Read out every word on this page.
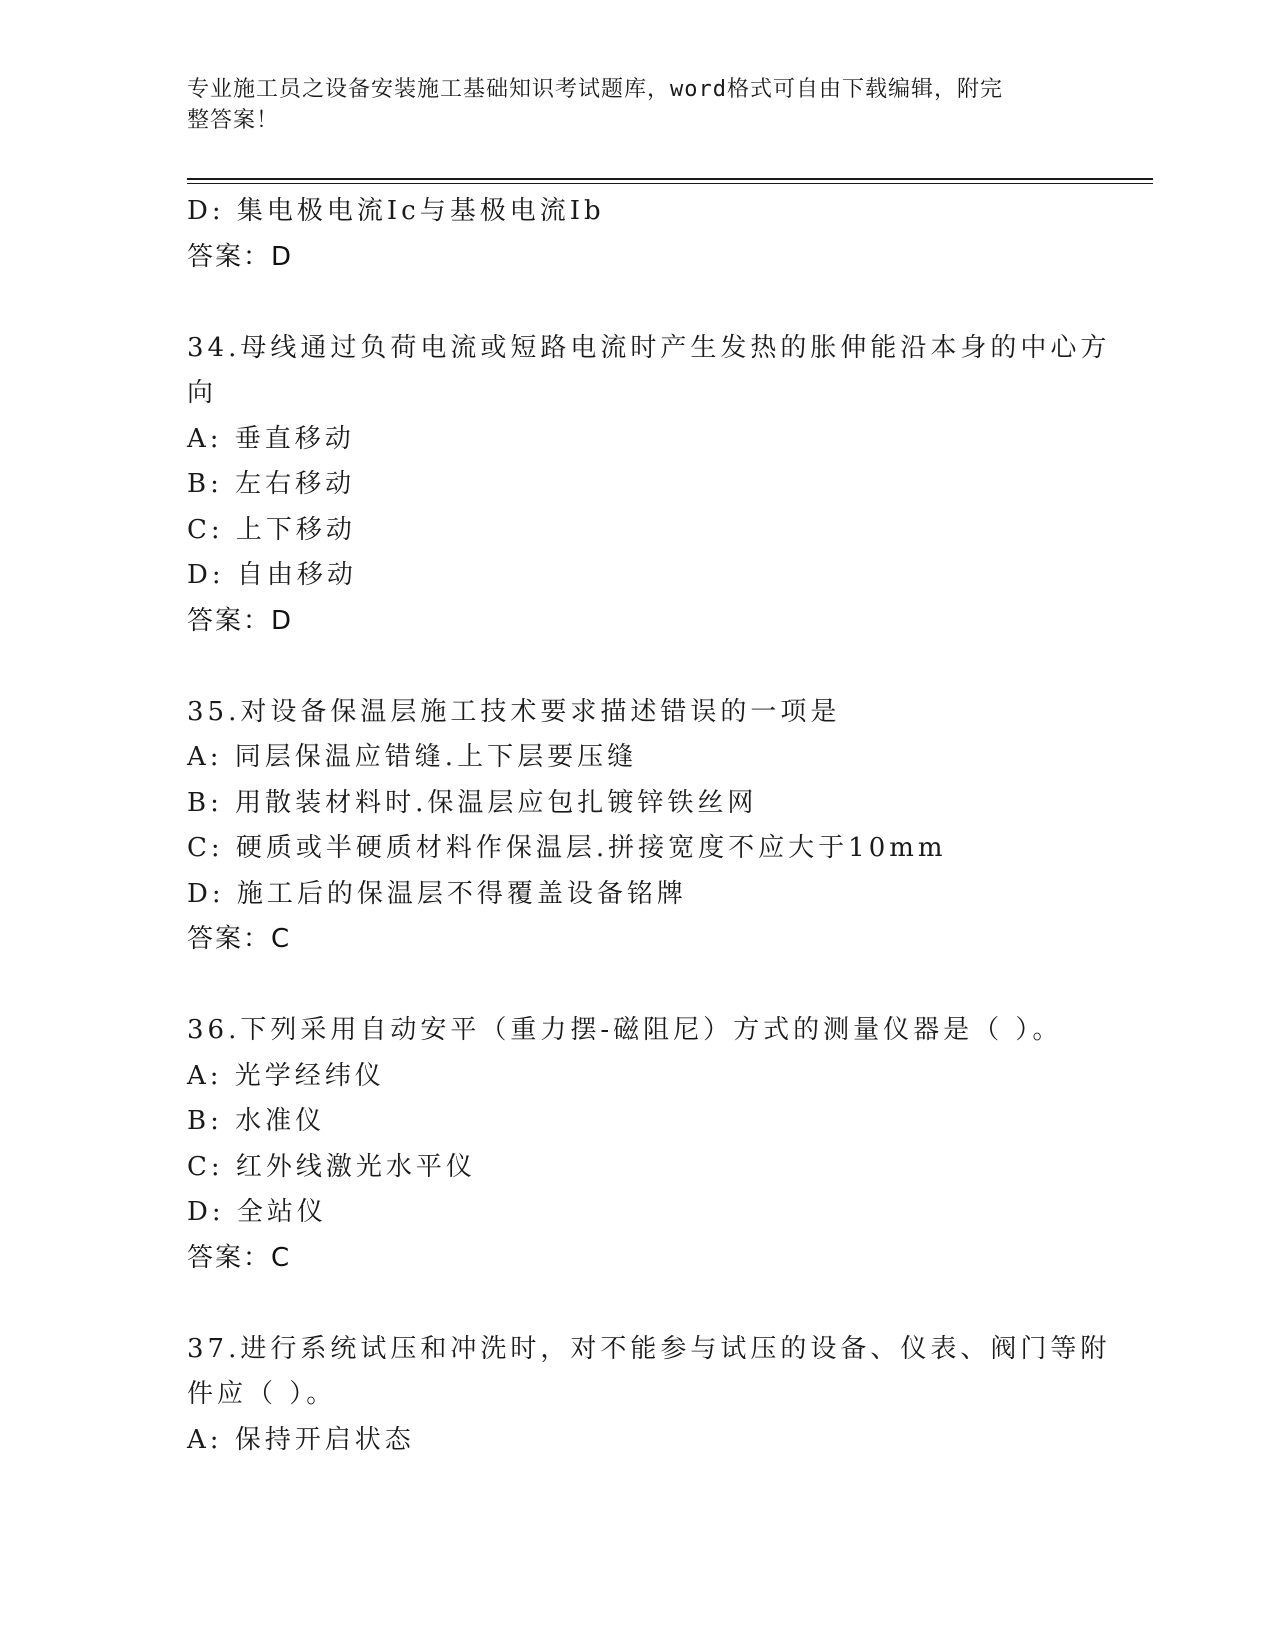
专业施工员之设备安装施工基础知识考试题库，word格式可自由下载编辑，附完
整答案！
D: 集电极电流Ic与基极电流Ib
答案：D
34.母线通过负荷电流或短路电流时产生发热的胀伸能沿本身的中心方
向
A: 垂直移动
B: 左右移动
C: 上下移动
D: 自由移动
答案：D
35.对设备保温层施工技术要求描述错误的一项是
A: 同层保温应错缝.上下层要压缝
B: 用散装材料时.保温层应包扎镀锌铁丝网
C: 硬质或半硬质材料作保温层.拼接宽度不应大于10mm
D: 施工后的保温层不得覆盖设备铭牌
答案：C
36.下列采用自动安平（重力摆-磁阻尼）方式的测量仪器是（ ）。
A: 光学经纬仪
B: 水准仪
C: 红外线激光水平仪
D: 全站仪
答案：C
37.进行系统试压和冲洗时，对不能参与试压的设备、仪表、阀门等附
件应（ ）。
A: 保持开启状态
